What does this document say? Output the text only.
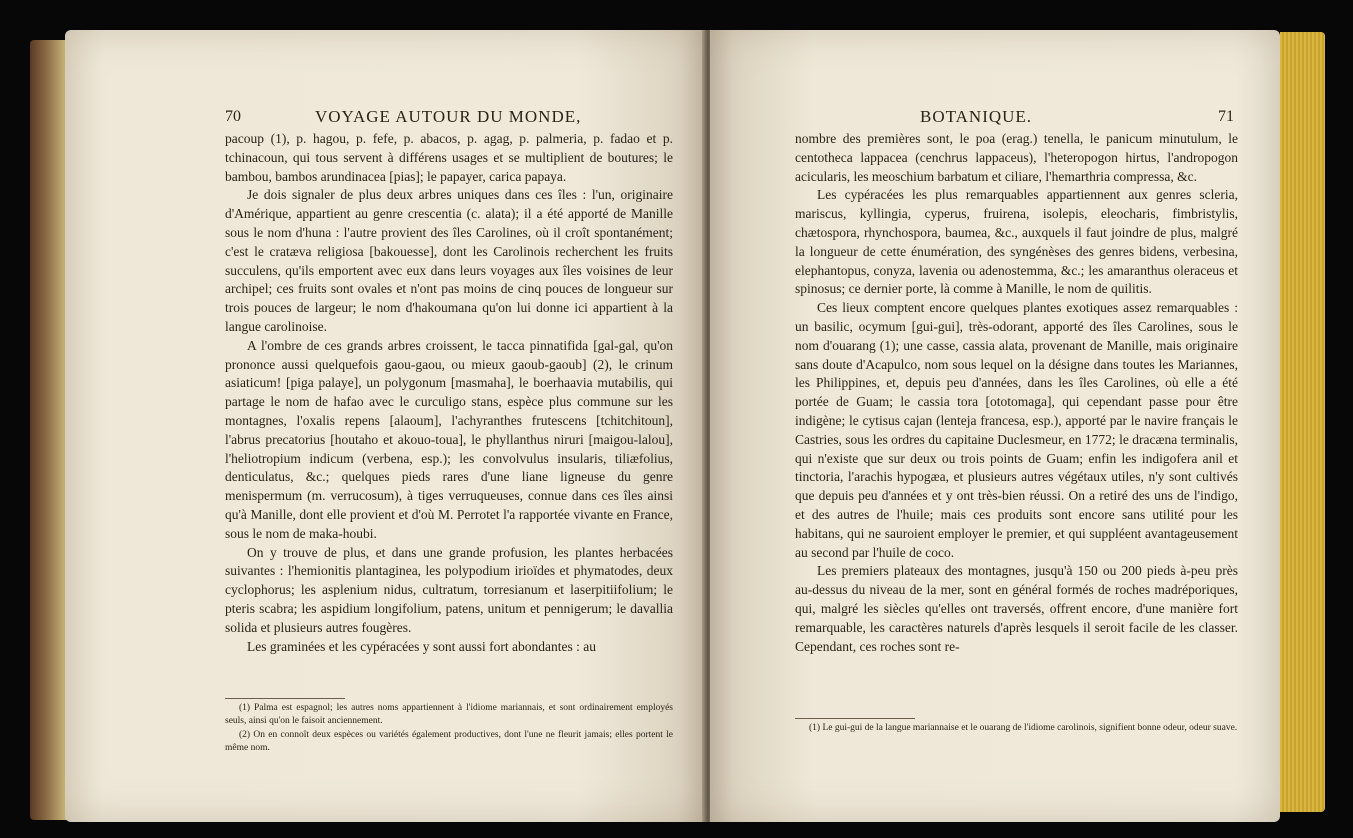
70	VOYAGE AUTOUR DU MONDE,

pacoup (1), p. hagou, p. fefe, p. abacos, p. agag, p. palmeria, p. fadao et p. tchinacoun, qui tous servent à différens usages et se multiplient de boutures; le bambou, bambos arundinacea [pias]; le papayer, carica papaya.

Je dois signaler de plus deux arbres uniques dans ces îles : l'un, originaire d'Amérique, appartient au genre crescentia (c. alata); il a été apporté de Manille sous le nom d'huna : l'autre provient des îles Carolines, où il croît spontanément; c'est le cratæva religiosa [bakouesse], dont les Carolinois recherchent les fruits succulens, qu'ils emportent avec eux dans leurs voyages aux îles voisines de leur archipel; ces fruits sont ovales et n'ont pas moins de cinq pouces de longueur sur trois pouces de largeur; le nom d'hakoumana qu'on lui donne ici appartient à la langue carolinoise.

A l'ombre de ces grands arbres croissent, le tacca pinnatifida [gal-gal, qu'on prononce aussi quelquefois gaou-gaou, ou mieux gaoub-gaoub] (2), le crinum asiaticum! [piga palaye], un polygonum [masmaha], le boerhaavia mutabilis, qui partage le nom de hafao avec le curculigo stans, espèce plus commune sur les montagnes, l'oxalis repens [alaoum], l'achyranthes frutescens [tchitchitoun], l'abrus precatorius [houtaho et akouo-toua], le phyllanthus niruri [maigou-lalou], l'heliotropium indicum (verbena, esp.); les convolvulus insularis, tiliæfolius, denticulatus, &c.; quelques pieds rares d'une liane ligneuse du genre menispermum (m. verrucosum), à tiges verruqueuses, connue dans ces îles ainsi qu'à Manille, dont elle provient et d'où M. Perrotet l'a rapportée vivante en France, sous le nom de maka-houbi.

On y trouve de plus, et dans une grande profusion, les plantes herbacées suivantes : l'hemionitis plantaginea, les polypodium irioïdes et phymatodes, deux cyclophorus; les asplenium nidus, cultratum, torresianum et laserpitiifolium; le pteris scabra; les aspidium longifolium, patens, unitum et pennigerum; le davallia solida et plusieurs autres fougères.

Les graminées et les cypéracées y sont aussi fort abondantes : au

(1) Palma est espagnol; les autres noms appartiennent à l'idiome mariannais, et sont ordinairement employés seuls, ainsi qu'on le faisoit anciennement.

(2) On en connoît deux espèces ou variétés également productives, dont l'une ne fleurit jamais; elles portent le même nom.

BOTANIQUE.	71

nombre des premières sont, le poa (erag.) tenella, le panicum minutulum, le centotheca lappacea (cenchrus lappaceus), l'heteropogon hirtus, l'andropogon acicularis, les meoschium barbatum et ciliare, l'hemarthria compressa, &c.

Les cypéracées les plus remarquables appartiennent aux genres scleria, mariscus, kyllingia, cyperus, fruirena, isolepis, eleocharis, fimbristylis, chætospora, rhynchospora, baumea, &c., auxquels il faut joindre de plus, malgré la longueur de cette énumération, des syngénèses des genres bidens, verbesina, elephantopus, conyza, lavenia ou adenostemma, &c.; les amaranthus oleraceus et spinosus; ce dernier porte, là comme à Manille, le nom de quilitis.

Ces lieux comptent encore quelques plantes exotiques assez remarquables : un basilic, ocymum [gui-gui], très-odorant, apporté des îles Carolines, sous le nom d'ouarang (1); une casse, cassia alata, provenant de Manille, mais originaire sans doute d'Acapulco, nom sous lequel on la désigne dans toutes les Mariannes, les Philippines, et, depuis peu d'années, dans les îles Carolines, où elle a été portée de Guam; le cassia tora [ototomaga], qui cependant passe pour être indigène; le cytisus cajan (lenteja francesa, esp.), apporté par le navire français le Castries, sous les ordres du capitaine Duclesmeur, en 1772; le dracæna terminalis, qui n'existe que sur deux ou trois points de Guam; enfin les indigofera anil et tinctoria, l'arachis hypogæa, et plusieurs autres végétaux utiles, n'y sont cultivés que depuis peu d'années et y ont très-bien réussi. On a retiré des uns de l'indigo, et des autres de l'huile; mais ces produits sont encore sans utilité pour les habitans, qui ne sauroient employer le premier, et qui suppléent avantageusement au second par l'huile de coco.

Les premiers plateaux des montagnes, jusqu'à 150 ou 200 pieds à-peu près au-dessus du niveau de la mer, sont en général formés de roches madréporiques, qui, malgré les siècles qu'elles ont traversés, offrent encore, d'une manière fort remarquable, les caractères naturels d'après lesquels il seroit facile de les classer. Cependant, ces roches sont re-

(1) Le gui-gui de la langue mariannaise et le ouarang de l'idiome carolinois, signifient bonne odeur, odeur suave.
